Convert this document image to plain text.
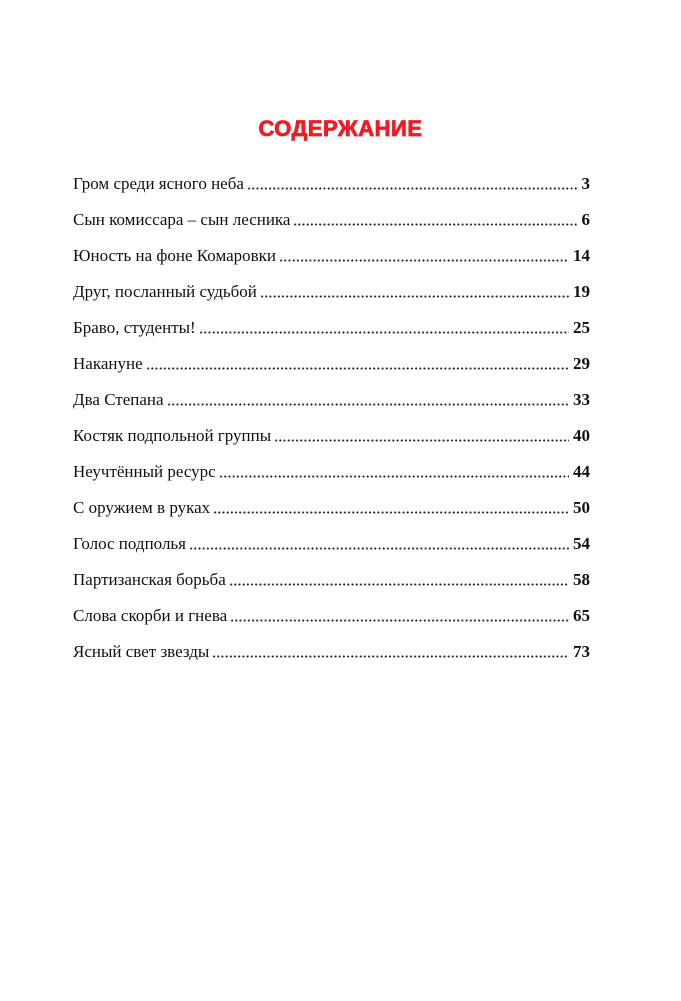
СОДЕРЖАНИЕ
Гром среди ясного неба	3
Сын комиссара – сын лесника	6
Юность на фоне Комаровки	14
Друг, посланный судьбой	19
Браво, студенты!	25
Накануне	29
Два Степана	33
Костяк подпольной группы	40
Неучтённый ресурс	44
С оружием в руках	50
Голос подполья	54
Партизанская борьба	58
Слова скорби и гнева	65
Ясный свет звезды	73
